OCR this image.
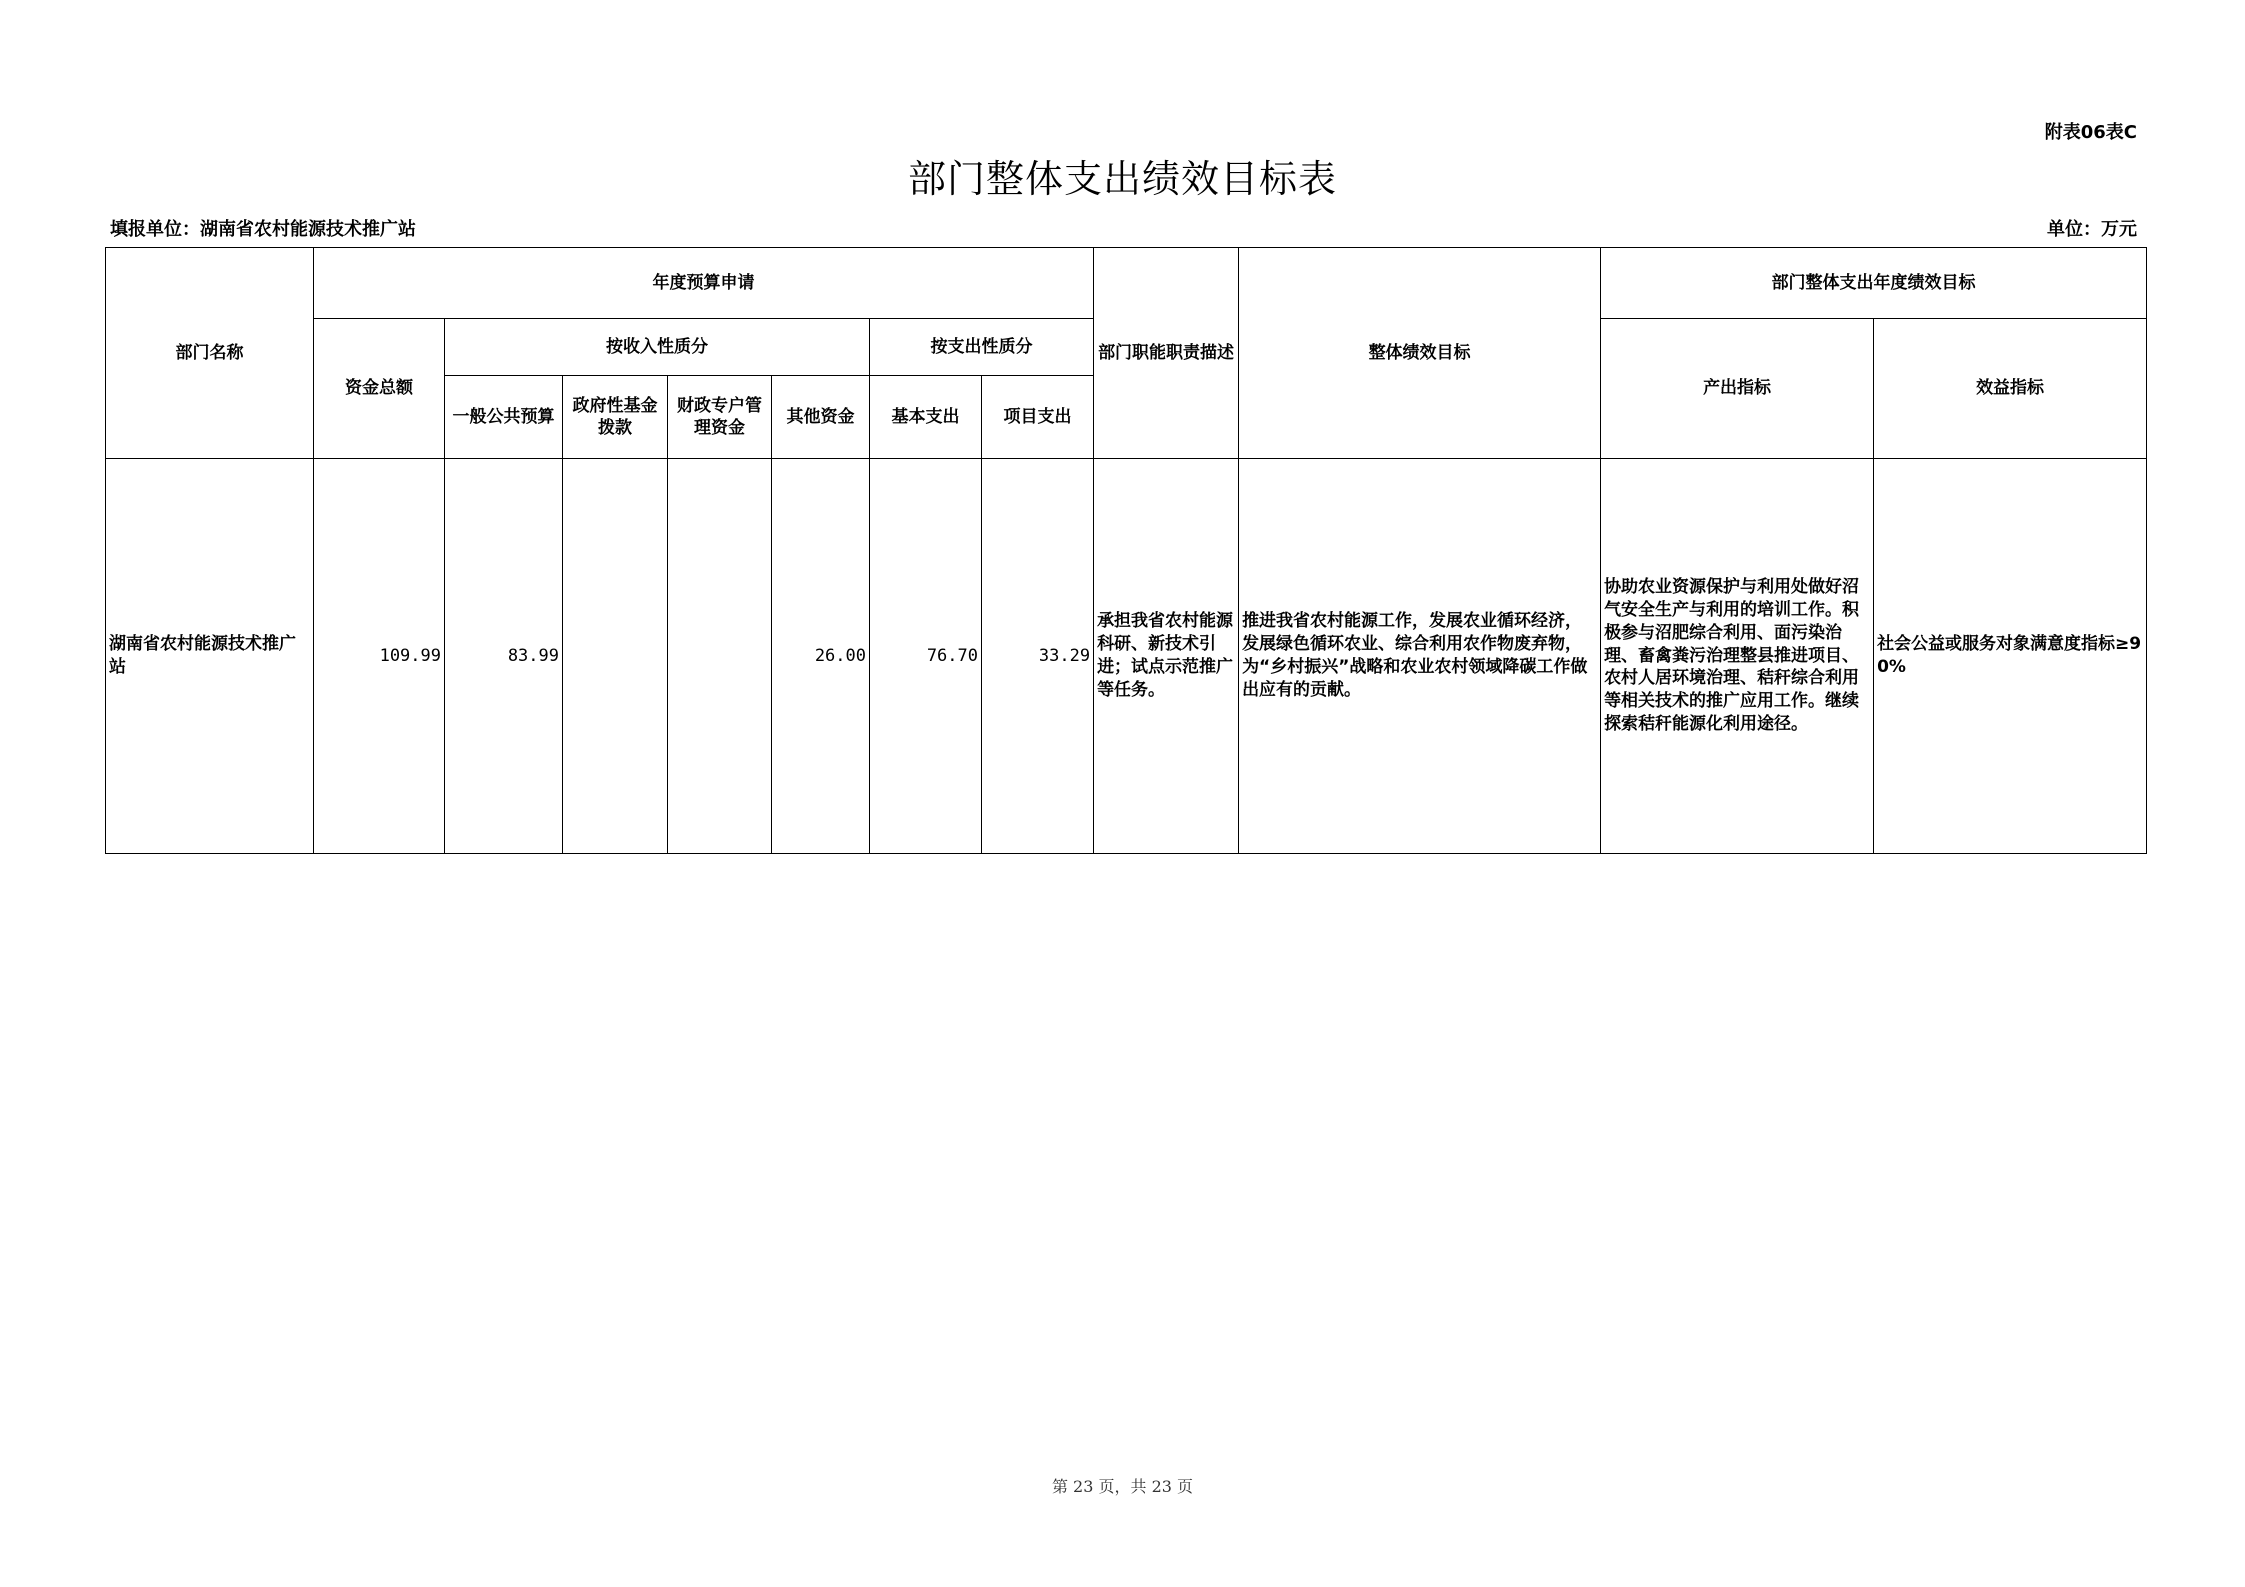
附表06表C
部门整体支出绩效目标表
填报单位 ： 湖南省农村能源技术推广站	单位 ： 万元
部门名称	年度预算申请							部门职能职责描述	整体绩效目标	部门整体支出年度绩效目标	
	资金总额	按收入性质分				按支出性质分				产出指标	效益指标
		一般公共预算	政府性基金拨款	财政专户管理资金	其他资金	基本支出	项目支出				
湖南省农村能源技术推广站	109.99	83.99			26.00	76.70	33.29	承担我省农村能源科研、新技术引进；试点示范推广等任务。	推进我省农村能源工作，发展农业循环经济，发展绿色循环农业、综合利用农作物废弃物，为“乡村振兴”战略和农业农村领域降碳工作做出应有的贡献。	协助农业资源保护与利用处做好沼气安全生产与利用的培训工作。积极参与沼肥综合利用、面污染治理、畜禽粪污治理整县推进项目、农村人居环境治理、秸秆综合利用等相关技术的推广应用工作。继续探索秸秆能源化利用途径。	社会公益或服务对象满意度指标≥90%
第 23 页 ， 共 23 页
